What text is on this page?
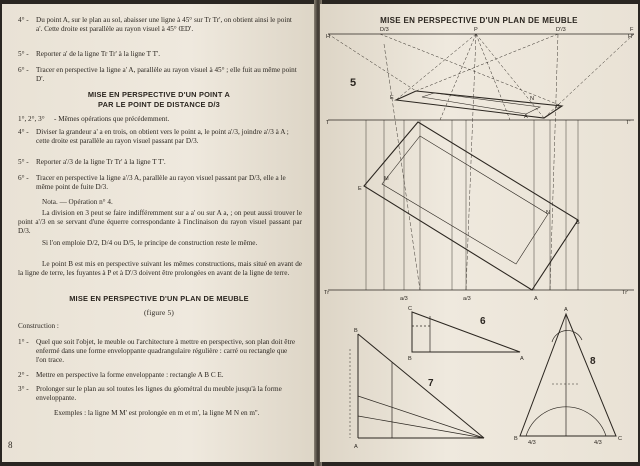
4° - Du point A, sur le plan au sol, abaisser une ligne à 45° sur Tr Tr', on obtient ainsi le point a'. Cette droite est parallèle au rayon visuel à 45° ŒD'.
5° - Reporter a' de la ligne Tr Tr' à la ligne T T'.
6° - Tracer en perspective la ligne a' A, parallèle au rayon visuel à 45° ; elle fuit au même point D'.
MISE EN PERSPECTIVE D'UN POINT A
PAR LE POINT DE DISTANCE D/3
1°, 2°, 3° - Mêmes opérations que précédemment.
4° - Diviser la grandeur a' a en trois, on obtient vers le point a, le point a'/3, joindre a'/3 à A ; cette droite est parallèle au rayon visuel passant par D/3.
5° - Reporter a'/3 de la ligne Tr Tr' à la ligne T T'.
6° - Tracer en perspective la ligne a'/3 A, parallèle au rayon visuel passant par D/3, elle a le même point de fuite D/3.
Nota. — Opération n° 4.
La division en 3 peut se faire indifféremment sur a a' ou sur A a, ; on peut aussi trouver le point a'/3 en se servant d'une équerre correspondante à l'inclinaison du rayon visuel passant par D/3.
Si l'on emploie D/2, D/4 ou D/5, le principe de construction reste le même.
Le point B est mis en perspective suivant les mêmes constructions, mais situé en avant de la ligne de terre, les fuyantes à P et à D'/3 doivent être prolongées en avant de la ligne de terre.
MISE EN PERSPECTIVE D'UN PLAN DE MEUBLE
(figure 5)
Construction :
1° - Quel que soit l'objet, le meuble ou l'architecture à mettre en perspective, son plan doit être enfermé dans une forme enveloppante quadrangulaire régulière : carré ou rectangle que l'on trace.
2° - Mettre en perspective la forme enveloppante : rectangle A B C E.
3° - Prolonger sur le plan au sol toutes les lignes du géométral du meuble jusqu'à la forme enveloppante.
Exemples : la ligne M M' est prolongée en m et m', la ligne M N en m''.
8
MISE EN PERSPECTIVE D'UN PLAN DE MEUBLE
H	H'
D/3	P	D'/3	F
T	T'
Tr	Tr'
E
B
N
A
E
B
A
N
M
a/3	a/3
5
6
7
8
C
B	A
A
B
A
B	C
4/3	4/3
